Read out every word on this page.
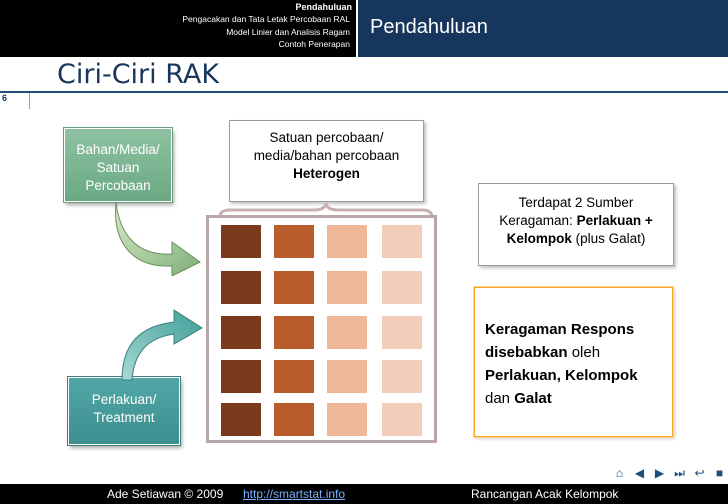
Pendahuluan
Pengacakan dan Tata Letak Percobaan RAL
Model Linier dan Analisis Ragam
Contoh Penerapan
Pendahuluan
Ciri-Ciri RAK
6
Bahan/Media/
Satuan
Percobaan
Perlakuan/
Treatment
Satuan percobaan/
media/bahan percobaan
Heterogen
Terdapat 2 Sumber
Keragaman: Perlakuan +
Kelompok (plus Galat)
Keragaman Respons
disebabkan oleh
Perlakuan, Kelompok
dan Galat
⌂ ◀ ▶ ⏭ ↩ ■
Ade Setiawan © 2009 http://smartstat.info	Rancangan Acak Kelompok
